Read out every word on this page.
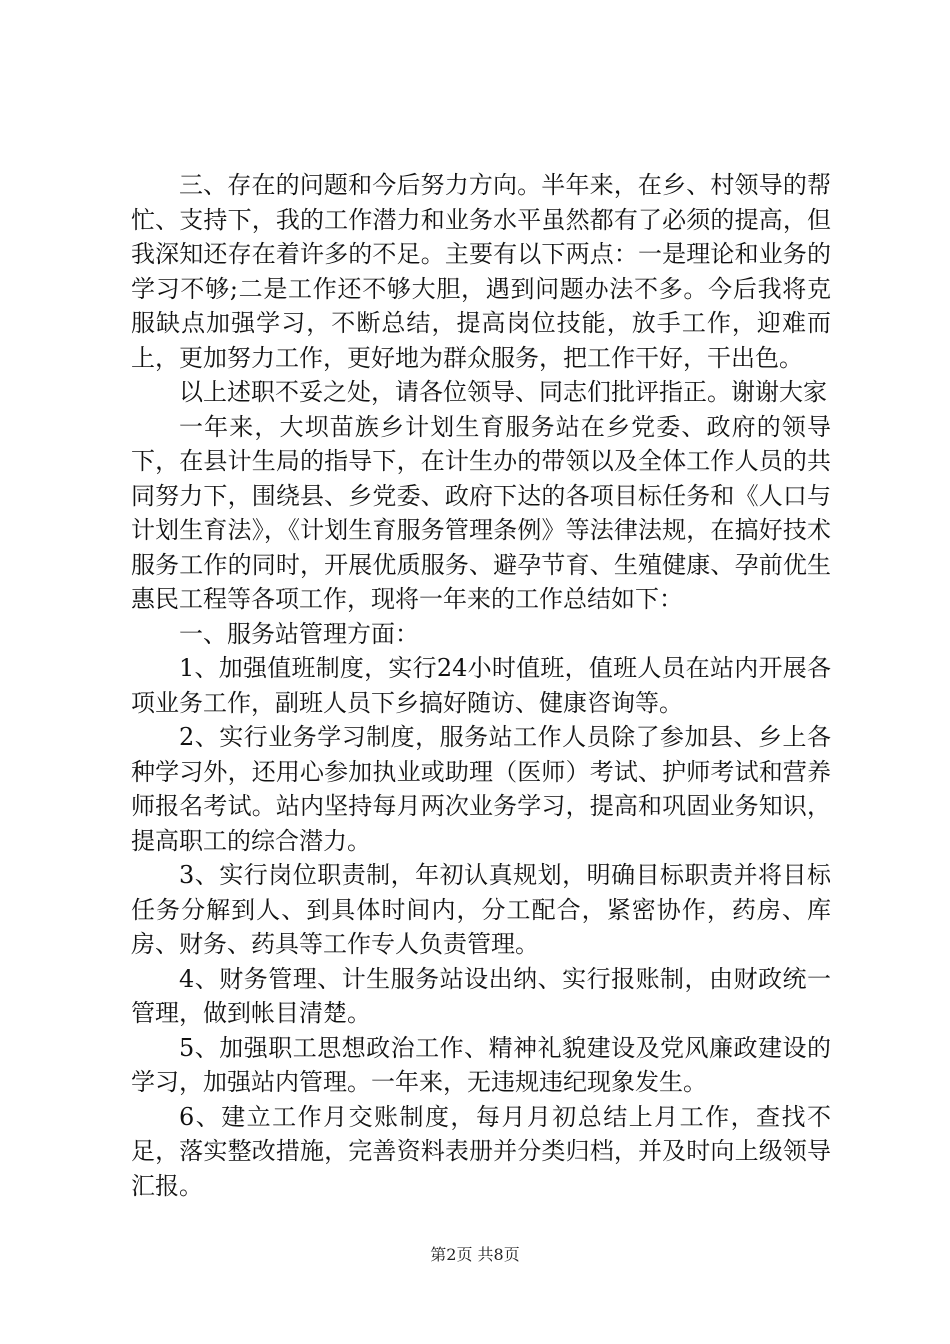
三、存在的问题和今后努力方向。半年来，在乡、村领导的帮忙、支持下，我的工作潜力和业务水平虽然都有了必须的提高，但我深知还存在着许多的不足。主要有以下两点：一是理论和业务的学习不够;二是工作还不够大胆，遇到问题办法不多。今后我将克服缺点加强学习，不断总结，提高岗位技能，放手工作，迎难而上，更加努力工作，更好地为群众服务，把工作干好，干出色。

以上述职不妥之处，请各位领导、同志们批评指正。谢谢大家

一年来，大坝苗族乡计划生育服务站在乡党委、政府的领导下，在县计生局的指导下，在计生办的带领以及全体工作人员的共同努力下，围绕县、乡党委、政府下达的各项目标任务和《人口与计划生育法》，《计划生育服务管理条例》等法律法规，在搞好技术服务工作的同时，开展优质服务、避孕节育、生殖健康、孕前优生惠民工程等各项工作，现将一年来的工作总结如下：

一、服务站管理方面：

1、加强值班制度，实行24小时值班，值班人员在站内开展各项业务工作，副班人员下乡搞好随访、健康咨询等。

2、实行业务学习制度，服务站工作人员除了参加县、乡上各种学习外，还用心参加执业或助理（医师）考试、护师考试和营养师报名考试。站内坚持每月两次业务学习，提高和巩固业务知识，提高职工的综合潜力。

3、实行岗位职责制，年初认真规划，明确目标职责并将目标任务分解到人、到具体时间内，分工配合，紧密协作，药房、库房、财务、药具等工作专人负责管理。

4、财务管理、计生服务站设出纳、实行报账制，由财政统一管理，做到帐目清楚。

5、加强职工思想政治工作、精神礼貌建设及党风廉政建设的学习，加强站内管理。一年来，无违规违纪现象发生。

6、建立工作月交账制度，每月月初总结上月工作，查找不足，落实整改措施，完善资料表册并分类归档，并及时向上级领导汇报。

第2页 共8页
